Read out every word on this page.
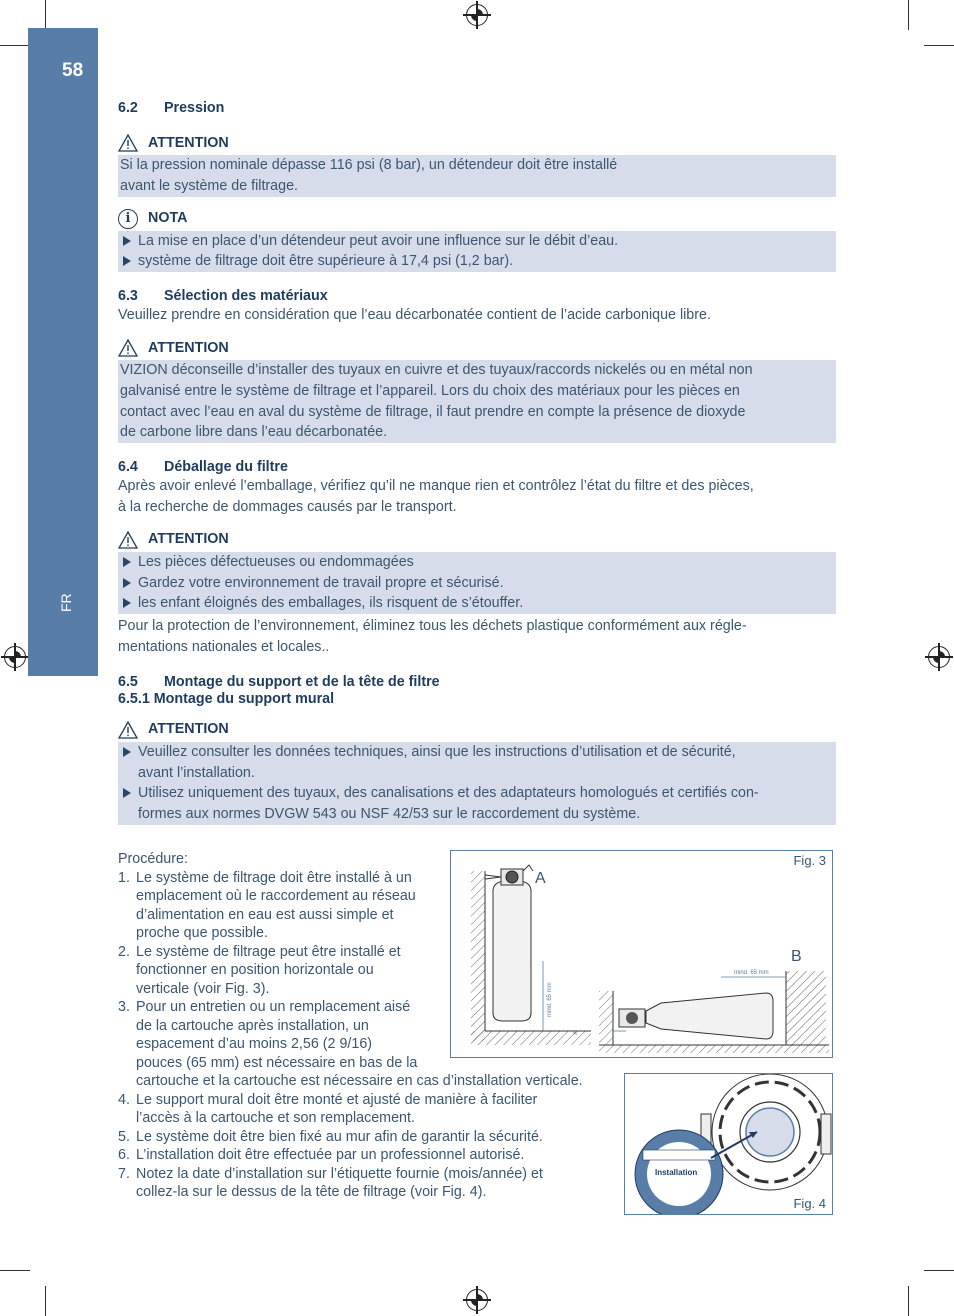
58
FR
6.2 Pression
ATTENTION

Si la pression nominale dépasse 116 psi (8 bar), un détendeur doit être installé

avant le système de filtrage.

i	NOTA
La mise en place d’un détendeur peut avoir une influence sur le débit d’eau.
système de filtrage doit être supérieure à 17,4 psi (1,2 bar).
6.3 Sélection des matériaux

Veuillez prendre en considération que l’eau décarbonatée contient de l’acide carbonique libre.

ATTENTION

VIZION déconseille d’installer des tuyaux en cuivre et des tuyaux/raccords nickelés ou en métal non

galvanisé entre le système de filtrage et l’appareil. Lors du choix des matériaux pour les pièces en

contact avec l’eau en aval du système de filtrage, il faut prendre en compte la présence de dioxyde

de carbone libre dans l’eau décarbonatée.

6.4 Déballage du filtre

Après avoir enlevé l’emballage, vérifiez qu’il ne manque rien et contrôlez l’état du filtre et des pièces,

à la recherche de dommages causés par le transport.

ATTENTION
Les pièces défectueuses ou endommagées
Gardez votre environnement de travail propre et sécurisé.
les enfant éloignés des emballages, ils risquent de s’étouffer.

Pour la protection de l’environnement, éliminez tous les déchets plastique conformément aux régle-

mentations nationales et locales..

6.5 Montage du support et de la tête de filtre
6.5.1 Montage du support mural
ATTENTION
Veuillez consulter les données techniques, ainsi que les instructions d’utilisation et de sécurité,
avant l’installation.
Utilisez uniquement des tuyaux, des canalisations et des adaptateurs homologués et certifiés con-
formes aux normes DVGW 543 ou NSF 42/53 sur le raccordement du système.

Procédure:

1. Le système de filtrage doit être installé à un
emplacement où le raccordement au réseau
d’alimentation en eau est aussi simple et
proche que possible.
2. Le système de filtrage peut être installé et
fonctionner en position horizontale ou
verticale (voir Fig. 3).
3. Pour un entretien ou un remplacement aisé
de la cartouche après installation, un
espacement d’au moins 2,56 (2 9/16)
pouces (65 mm) est nécessaire en bas de la
cartouche et la cartouche est nécessaire en cas d’installation verticale.
4. Le support mural doit être monté et ajusté de manière à faciliter
l’accès à la cartouche et son remplacement.
5. Le système doit être bien fixé au mur afin de garantir la sécurité.
6. L’installation doit être effectuée par un professionnel autorisé.
7. Notez la date d’installation sur l’étiquette fournie (mois/année) et
collez-la sur le dessus de la tête de filtrage (voir Fig. 4).
A
mind. 65 mm
x
mind. 65 mm
B
Fig. 3
Installation
Fig. 4
